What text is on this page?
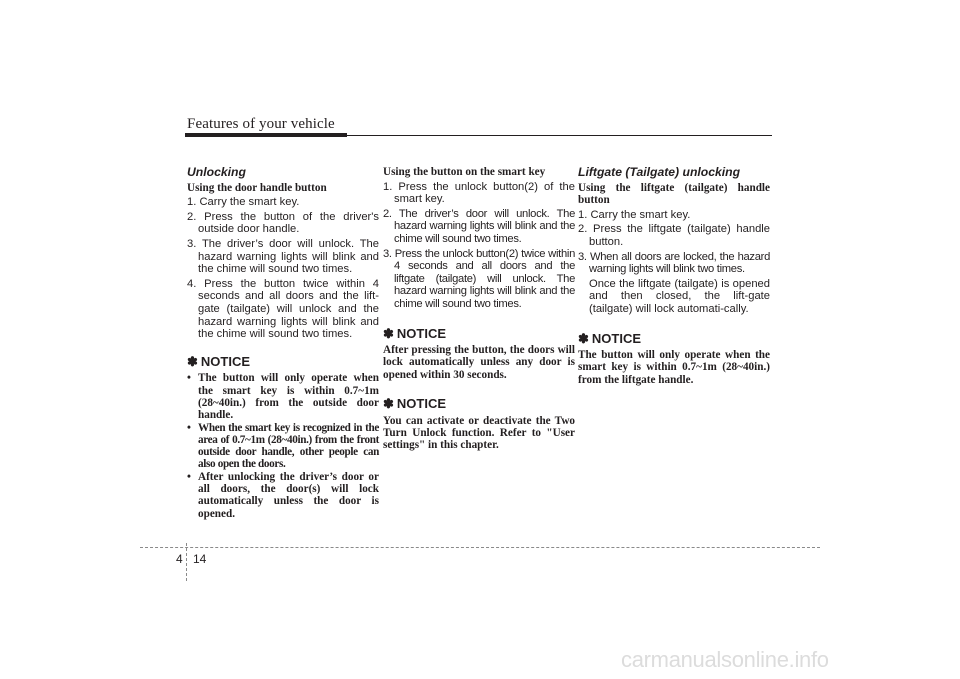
Features of your vehicle
Unlocking
Using the door handle button
1. Carry the smart key.
2. Press the button of the driver's outside door handle.
3. The driver’s door will unlock. The hazard warning lights will blink and the chime will sound two times.
4. Press the button twice within 4 seconds and all doors and the lift-gate (tailgate) will unlock and the hazard warning lights will blink and the chime will sound two times.
✽ NOTICE
• The button will only operate when the smart key is within 0.7~1m (28~40in.) from the outside door handle.
• When the smart key is recognized in the area of 0.7~1m (28~40in.) from the front outside door handle, other people can also open the doors.
• After unlocking the driver’s door or all doors, the door(s) will lock automatically unless the door is opened.
Using the button on the smart key
1. Press the unlock button(2) of the smart key.
2. The driver’s door will unlock. The hazard warning lights will blink and the chime will sound two times.
3. Press the unlock button(2) twice within 4 seconds and all doors and the liftgate (tailgate) will unlock. The hazard warning lights will blink and the chime will sound two times.
✽ NOTICE

After pressing the button, the doors will lock automatically unless any door is opened within 30 seconds.

✽ NOTICE

You can activate or deactivate the Two Turn Unlock function. Refer to "User settings" in this chapter.

Liftgate (Tailgate) unlocking
Using the liftgate (tailgate) handle button
1. Carry the smart key.
2. Press the liftgate (tailgate) handle button.
3. When all doors are locked, the hazard warning lights will blink two times.
Once the liftgate (tailgate) is opened and then closed, the lift-gate (tailgate) will lock automati-cally.
✽ NOTICE

The button will only operate when the smart key is within 0.7~1m (28~40in.) from the liftgate handle.

4 14
carmanualsonline.info
